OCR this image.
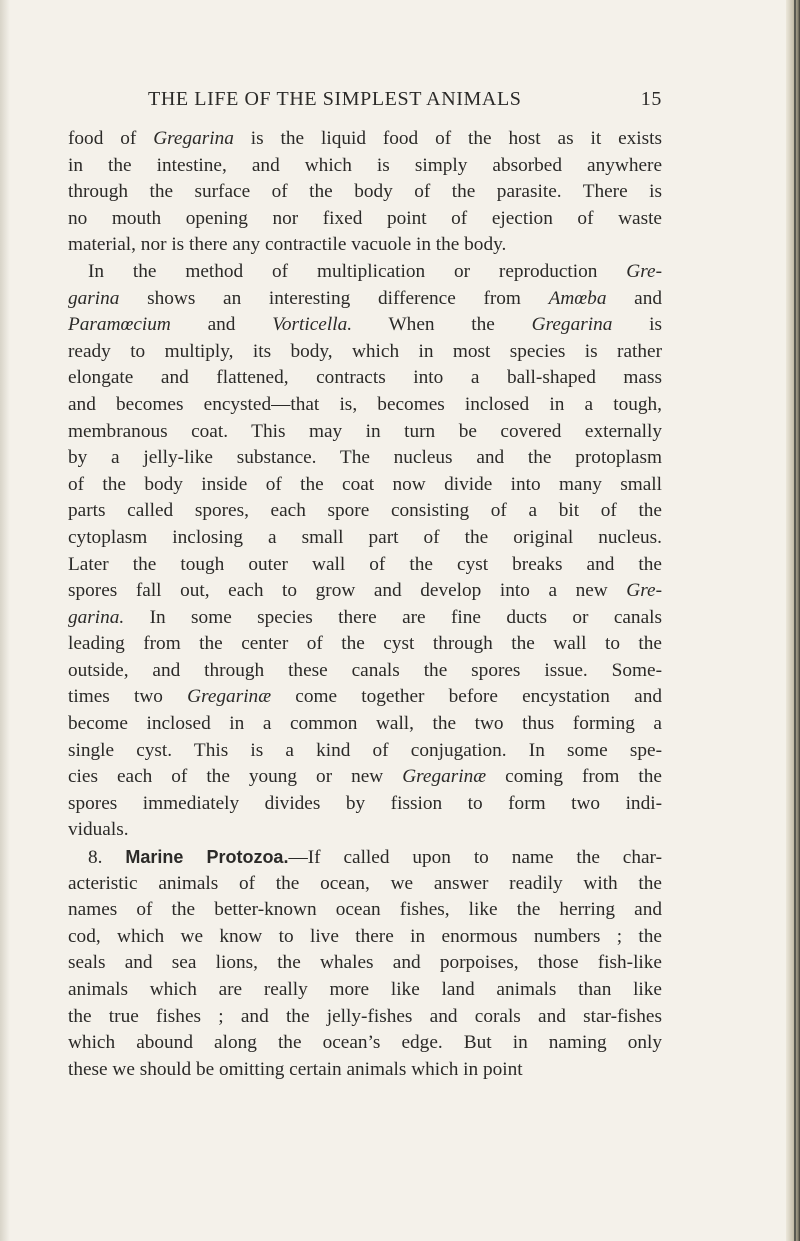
THE LIFE OF THE SIMPLEST ANIMALS	15
food of Gregarina is the liquid food of the host as it exists
in the intestine, and which is simply absorbed anywhere
through the surface of the body of the parasite. There is
no mouth opening nor fixed point of ejection of waste
material, nor is there any contractile vacuole in the body.
In the method of multiplication or reproduction Gre-
garina shows an interesting difference from Amœba and
Paramœcium and Vorticella. When the Gregarina is
ready to multiply, its body, which in most species is rather
elongate and flattened, contracts into a ball-shaped mass
and becomes encysted—that is, becomes inclosed in a tough,
membranous coat. This may in turn be covered externally
by a jelly-like substance. The nucleus and the protoplasm
of the body inside of the coat now divide into many small
parts called spores, each spore consisting of a bit of the
cytoplasm inclosing a small part of the original nucleus.
Later the tough outer wall of the cyst breaks and the
spores fall out, each to grow and develop into a new Gre-
garina. In some species there are fine ducts or canals
leading from the center of the cyst through the wall to the
outside, and through these canals the spores issue. Some-
times two Gregarinæ come together before encystation and
become inclosed in a common wall, the two thus forming a
single cyst. This is a kind of conjugation. In some spe-
cies each of the young or new Gregarinæ coming from the
spores immediately divides by fission to form two indi-
viduals.
8. Marine Protozoa.—If called upon to name the char-
acteristic animals of the ocean, we answer readily with the
names of the better-known ocean fishes, like the herring and
cod, which we know to live there in enormous numbers ; the
seals and sea lions, the whales and porpoises, those fish-like
animals which are really more like land animals than like
the true fishes ; and the jelly-fishes and corals and star-fishes
which abound along the ocean’s edge. But in naming only
these we should be omitting certain animals which in point
